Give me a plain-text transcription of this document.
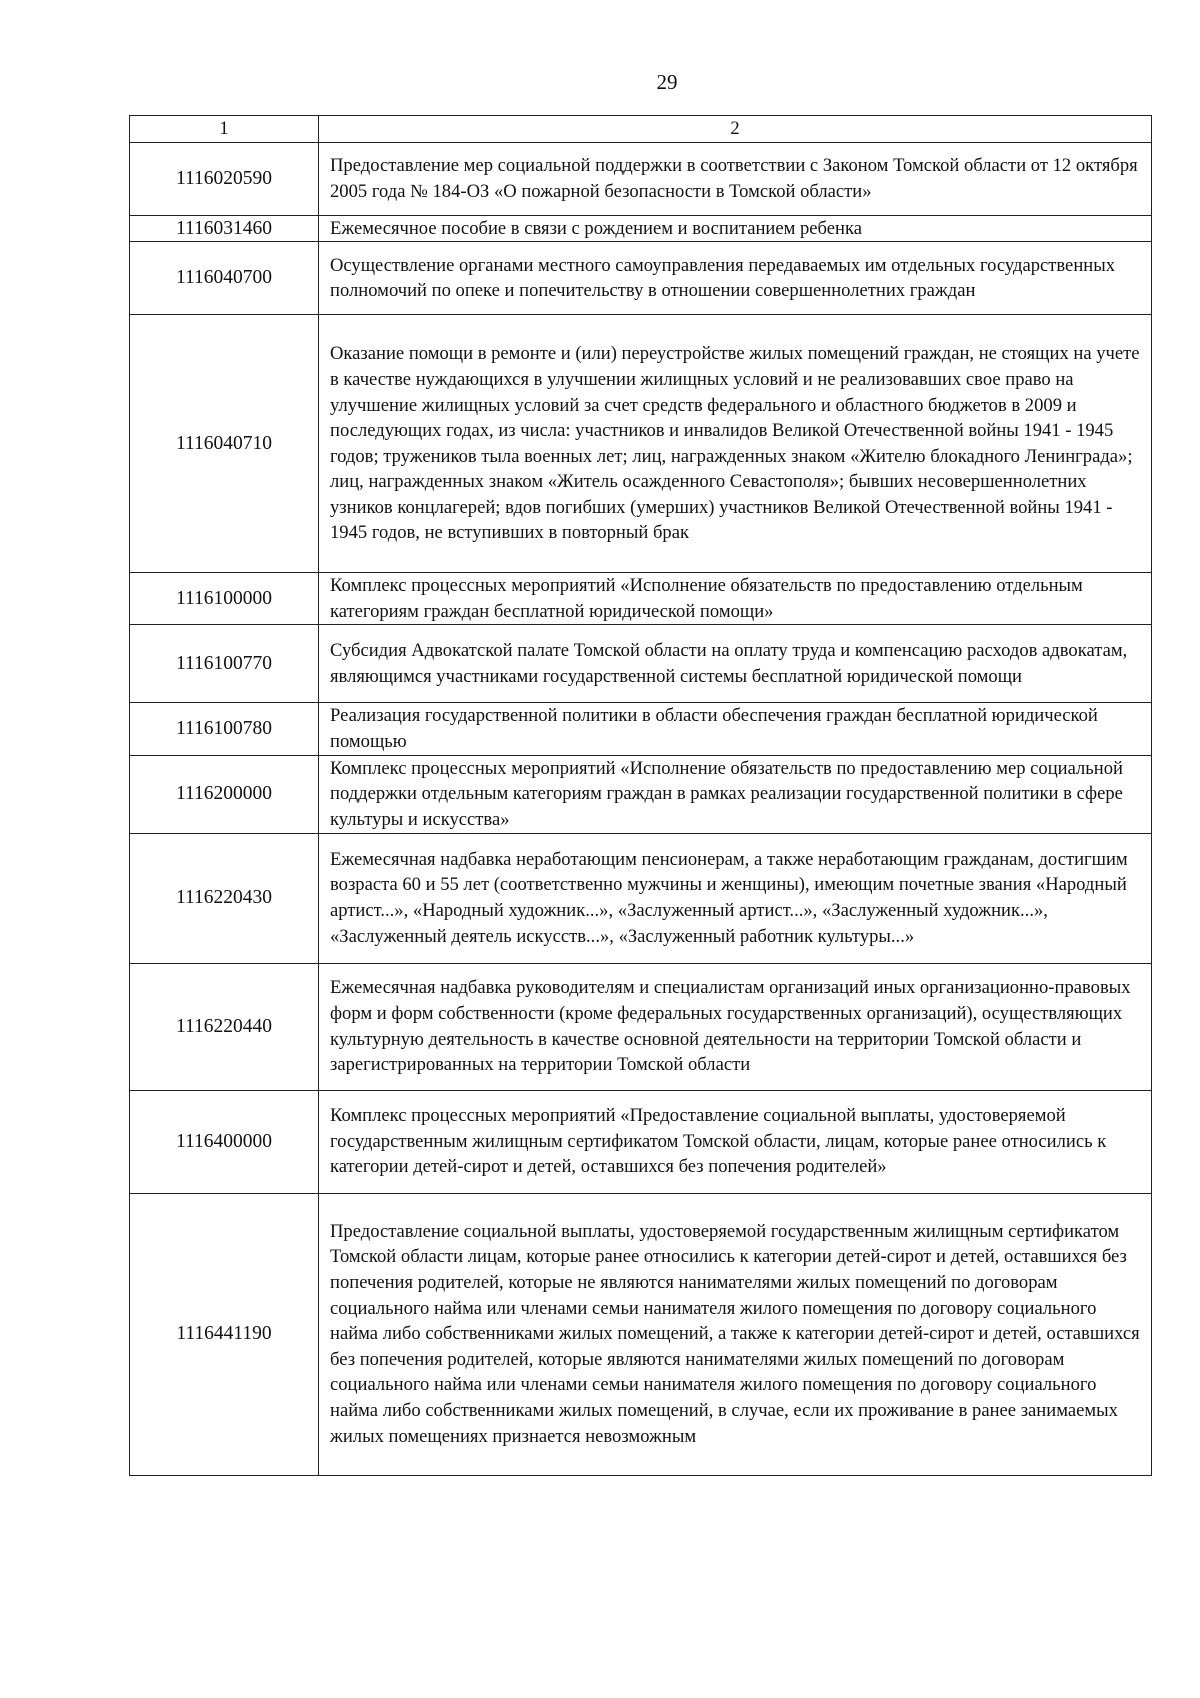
29
1	2
1116020590	Предоставление мер социальной поддержки в соответствии с Законом Томской области от 12 октября 2005 года № 184-ОЗ «О пожарной безопасности в Томской области»
1116031460	Ежемесячное пособие в связи с рождением и воспитанием ребенка
1116040700	Осуществление органами местного самоуправления передаваемых им отдельных государственных полномочий по опеке и попечительству в отношении совершеннолетних граждан
1116040710	Оказание помощи в ремонте и (или) переустройстве жилых помещений граждан, не стоящих на учете в качестве нуждающихся в улучшении жилищных условий и не реализовавших свое право на улучшение жилищных условий за счет средств федерального и областного бюджетов в 2009 и последующих годах, из числа: участников и инвалидов Великой Отечественной войны 1941 - 1945 годов; тружеников тыла военных лет; лиц, награжденных знаком «Жителю блокадного Ленинграда»; лиц, награжденных знаком «Житель осажденного Севастополя»; бывших несовершеннолетних узников концлагерей; вдов погибших (умерших) участников Великой Отечественной войны 1941 - 1945 годов, не вступивших в повторный брак
1116100000	Комплекс процессных мероприятий «Исполнение обязательств по предоставлению отдельным категориям граждан бесплатной юридической помощи»
1116100770	Субсидия Адвокатской палате Томской области на оплату труда и компенсацию расходов адвокатам, являющимся участниками государственной системы бесплатной юридической помощи
1116100780	Реализация государственной политики в области обеспечения граждан бесплатной юридической помощью
1116200000	Комплекс процессных мероприятий «Исполнение обязательств по предоставлению мер социальной поддержки отдельным категориям граждан в рамках реализации государственной политики в сфере культуры и искусства»
1116220430	Ежемесячная надбавка неработающим пенсионерам, а также неработающим гражданам, достигшим возраста 60 и 55 лет (соответственно мужчины и женщины), имеющим почетные звания «Народный артист...», «Народный художник...», «Заслуженный артист...», «Заслуженный художник...», «Заслуженный деятель искусств...», «Заслуженный работник культуры...»
1116220440	Ежемесячная надбавка руководителям и специалистам организаций иных организационно-правовых форм и форм собственности (кроме федеральных государственных организаций), осуществляющих культурную деятельность в качестве основной деятельности на территории Томской области и зарегистрированных на территории Томской области
1116400000	Комплекс процессных мероприятий «Предоставление социальной выплаты, удостоверяемой государственным жилищным сертификатом Томской области, лицам, которые ранее относились к категории детей-сирот и детей, оставшихся без попечения родителей»
1116441190	Предоставление социальной выплаты, удостоверяемой государственным жилищным сертификатом Томской области лицам, которые ранее относились к категории детей-сирот и детей, оставшихся без попечения родителей, которые не являются нанимателями жилых помещений по договорам социального найма или членами семьи нанимателя жилого помещения по договору социального найма либо собственниками жилых помещений, а также к категории детей-сирот и детей, оставшихся без попечения родителей, которые являются нанимателями жилых помещений по договорам социального найма или членами семьи нанимателя жилого помещения по договору социального найма либо собственниками жилых помещений, в случае, если их проживание в ранее занимаемых жилых помещениях признается невозможным
